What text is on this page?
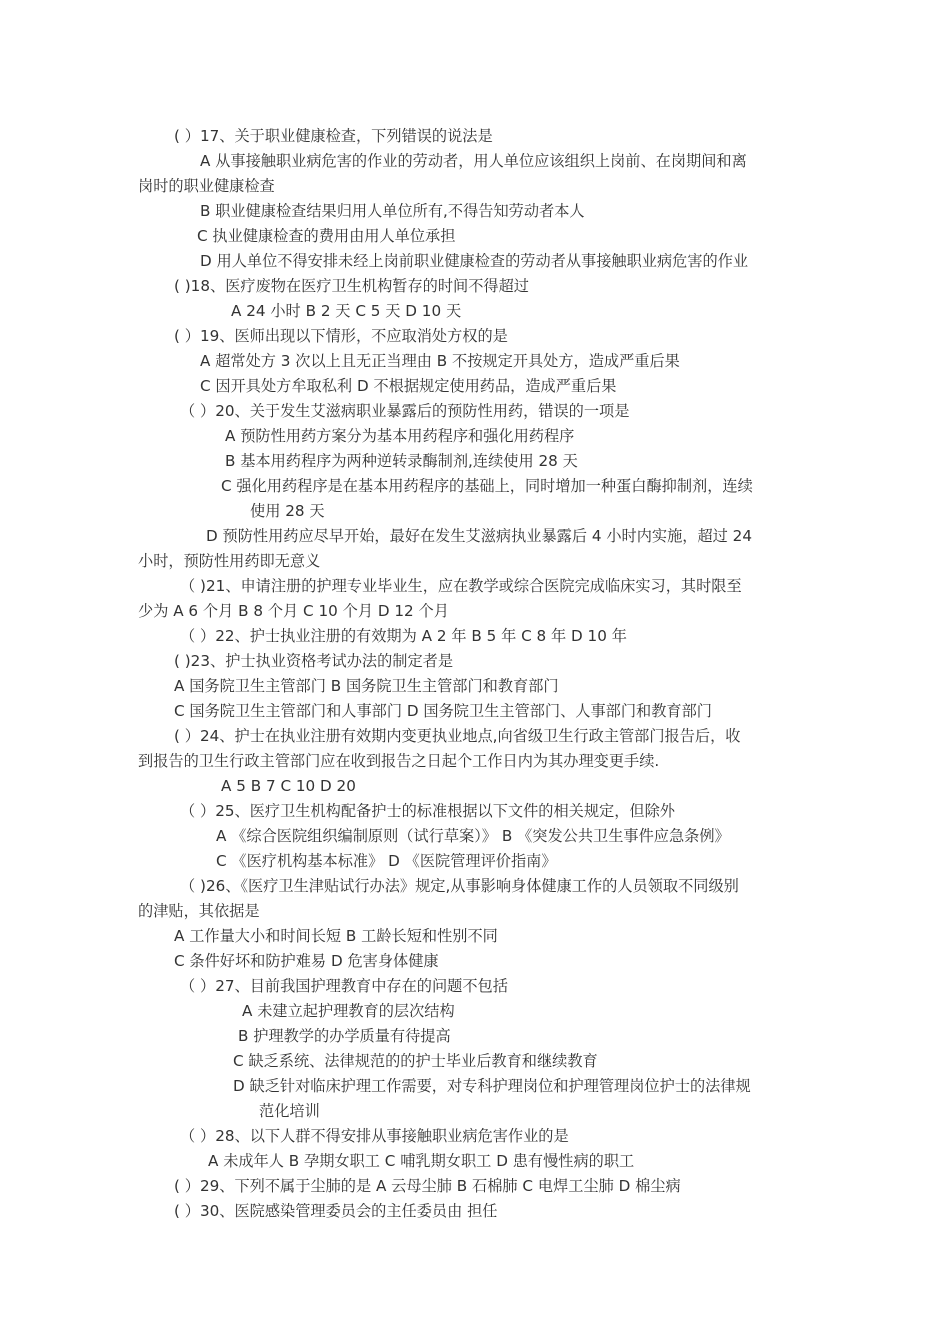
( ）17、关于职业健康检查，下列错误的说法是
A 从事接触职业病危害的作业的劳动者，用人单位应该组织上岗前、在岗期间和离
岗时的职业健康检查
B 职业健康检查结果归用人单位所有,不得告知劳动者本人
C 执业健康检查的费用由用人单位承担
D 用人单位不得安排未经上岗前职业健康检查的劳动者从事接触职业病危害的作业
( )18、医疗废物在医疗卫生机构暂存的时间不得超过
A 24 小时 B 2 天 C 5 天 D 10 天
( ）19、医师出现以下情形，不应取消处方权的是
A 超常处方 3 次以上且无正当理由 B 不按规定开具处方，造成严重后果
C 因开具处方牟取私利 D 不根据规定使用药品，造成严重后果
（ ）20、关于发生艾滋病职业暴露后的预防性用药，错误的一项是
A 预防性用药方案分为基本用药程序和强化用药程序
B 基本用药程序为两种逆转录酶制剂,连续使用 28 天
C 强化用药程序是在基本用药程序的基础上，同时增加一种蛋白酶抑制剂，连续
使用 28 天
D 预防性用药应尽早开始，最好在发生艾滋病执业暴露后 4 小时内实施，超过 24
小时，预防性用药即无意义
（ )21、申请注册的护理专业毕业生，应在教学或综合医院完成临床实习，其时限至
少为 A 6 个月 B 8 个月 C 10 个月 D 12 个月
（ ）22、护士执业注册的有效期为 A 2 年 B 5 年 C 8 年 D 10 年
( )23、护士执业资格考试办法的制定者是
A 国务院卫生主管部门 B 国务院卫生主管部门和教育部门
C 国务院卫生主管部门和人事部门 D 国务院卫生主管部门、人事部门和教育部门
( ）24、护士在执业注册有效期内变更执业地点,向省级卫生行政主管部门报告后，收
到报告的卫生行政主管部门应在收到报告之日起个工作日内为其办理变更手续.
A 5 B 7 C 10 D 20
（ ）25、医疗卫生机构配备护士的标准根据以下文件的相关规定，但除外
A 《综合医院组织编制原则（试行草案）》 B 《突发公共卫生事件应急条例》
C 《医疗机构基本标准》 D 《医院管理评价指南》
（ )26、《医疗卫生津贴试行办法》规定,从事影响身体健康工作的人员领取不同级别
的津贴，其依据是
A 工作量大小和时间长短 B 工龄长短和性别不同
C 条件好坏和防护难易 D 危害身体健康
（ ）27、目前我国护理教育中存在的问题不包括
A 未建立起护理教育的层次结构
B 护理教学的办学质量有待提高
C 缺乏系统、法律规范的的护士毕业后教育和继续教育
D 缺乏针对临床护理工作需要，对专科护理岗位和护理管理岗位护士的法律规
范化培训
（ ）28、以下人群不得安排从事接触职业病危害作业的是
A 未成年人 B 孕期女职工 C 哺乳期女职工 D 患有慢性病的职工
( ）29、下列不属于尘肺的是 A 云母尘肺 B 石棉肺 C 电焊工尘肺 D 棉尘病
( ）30、医院感染管理委员会的主任委员由 担任
